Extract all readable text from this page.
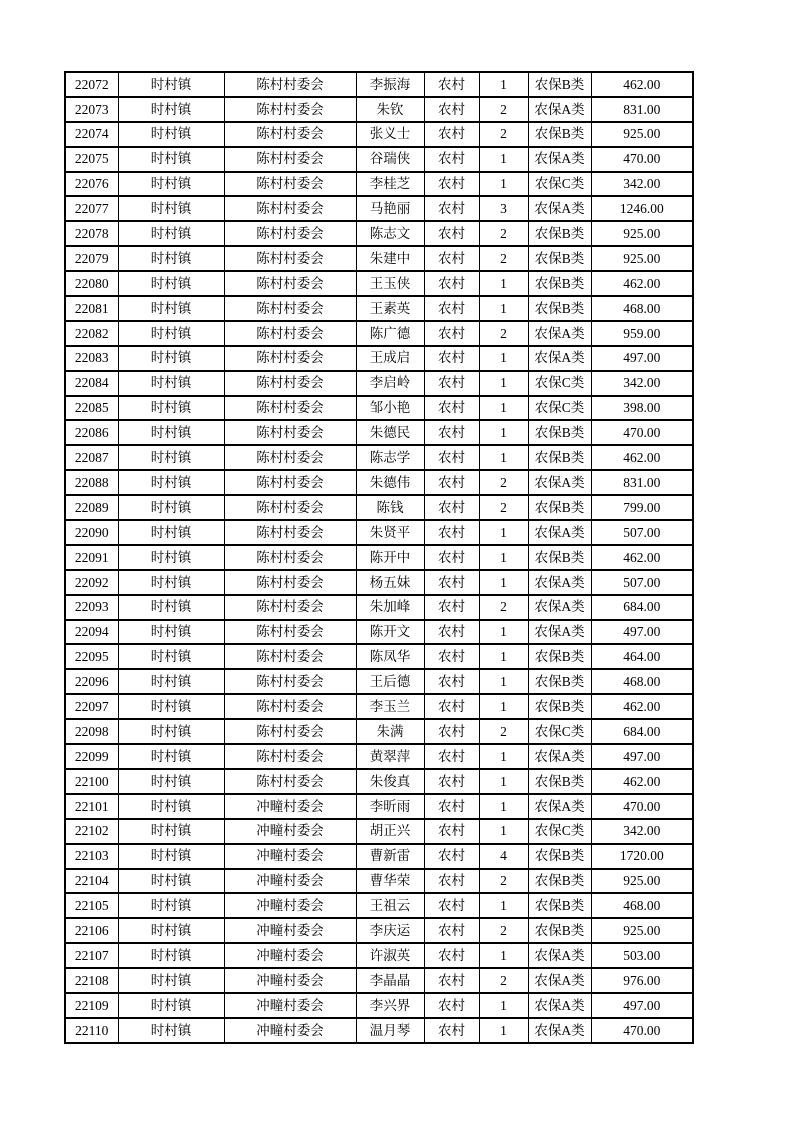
22072	时村镇	陈村村委会	李振海	农村	1	农保B类	462.00
22073	时村镇	陈村村委会	朱钦	农村	2	农保A类	831.00
22074	时村镇	陈村村委会	张义士	农村	2	农保B类	925.00
22075	时村镇	陈村村委会	谷瑞侠	农村	1	农保A类	470.00
22076	时村镇	陈村村委会	李桂芝	农村	1	农保C类	342.00
22077	时村镇	陈村村委会	马艳丽	农村	3	农保A类	1246.00
22078	时村镇	陈村村委会	陈志文	农村	2	农保B类	925.00
22079	时村镇	陈村村委会	朱建中	农村	2	农保B类	925.00
22080	时村镇	陈村村委会	王玉侠	农村	1	农保B类	462.00
22081	时村镇	陈村村委会	王素英	农村	1	农保B类	468.00
22082	时村镇	陈村村委会	陈广德	农村	2	农保A类	959.00
22083	时村镇	陈村村委会	王成启	农村	1	农保A类	497.00
22084	时村镇	陈村村委会	李启岭	农村	1	农保C类	342.00
22085	时村镇	陈村村委会	邹小艳	农村	1	农保C类	398.00
22086	时村镇	陈村村委会	朱德民	农村	1	农保B类	470.00
22087	时村镇	陈村村委会	陈志学	农村	1	农保B类	462.00
22088	时村镇	陈村村委会	朱德伟	农村	2	农保A类	831.00
22089	时村镇	陈村村委会	陈钱	农村	2	农保B类	799.00
22090	时村镇	陈村村委会	朱贤平	农村	1	农保A类	507.00
22091	时村镇	陈村村委会	陈开中	农村	1	农保B类	462.00
22092	时村镇	陈村村委会	杨五妹	农村	1	农保A类	507.00
22093	时村镇	陈村村委会	朱加峰	农村	2	农保A类	684.00
22094	时村镇	陈村村委会	陈开文	农村	1	农保A类	497.00
22095	时村镇	陈村村委会	陈凤华	农村	1	农保B类	464.00
22096	时村镇	陈村村委会	王后德	农村	1	农保B类	468.00
22097	时村镇	陈村村委会	李玉兰	农村	1	农保B类	462.00
22098	时村镇	陈村村委会	朱满	农村	2	农保C类	684.00
22099	时村镇	陈村村委会	黄翠萍	农村	1	农保A类	497.00
22100	时村镇	陈村村委会	朱俊真	农村	1	农保B类	462.00
22101	时村镇	冲疃村委会	李昕雨	农村	1	农保A类	470.00
22102	时村镇	冲疃村委会	胡正兴	农村	1	农保C类	342.00
22103	时村镇	冲疃村委会	曹新雷	农村	4	农保B类	1720.00
22104	时村镇	冲疃村委会	曹华荣	农村	2	农保B类	925.00
22105	时村镇	冲疃村委会	王祖云	农村	1	农保B类	468.00
22106	时村镇	冲疃村委会	李庆运	农村	2	农保B类	925.00
22107	时村镇	冲疃村委会	许淑英	农村	1	农保A类	503.00
22108	时村镇	冲疃村委会	李晶晶	农村	2	农保A类	976.00
22109	时村镇	冲疃村委会	李兴界	农村	1	农保A类	497.00
22110	时村镇	冲疃村委会	温月琴	农村	1	农保A类	470.00
